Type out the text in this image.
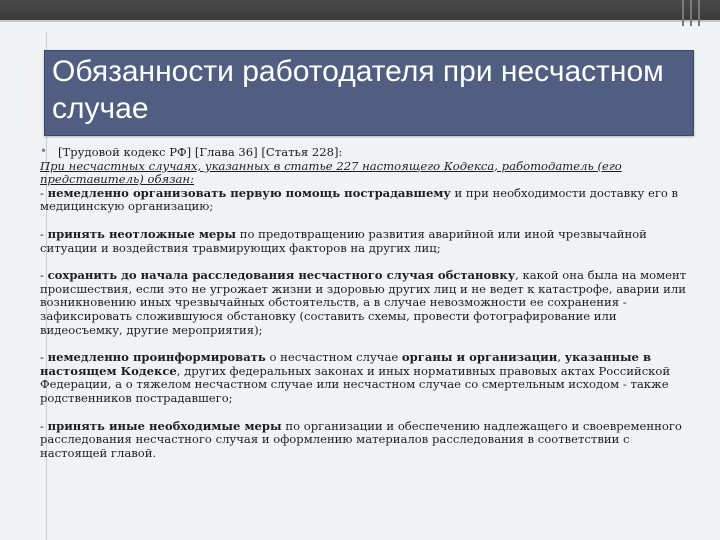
Обязанности работодателя при несчастном случае
• [Трудовой кодекс РФ] [Глава 36] [Статья 228]:
При несчастных случаях, указанных в статье 227 настоящего Кодекса, работодатель (его представитель) обязан:
- немедленно организовать первую помощь пострадавшему и при необходимости доставку его в медицинскую организацию;
- принять неотложные меры по предотвращению развития аварийной или иной чрезвычайной ситуации и воздействия травмирующих факторов на других лиц;
- сохранить до начала расследования несчастного случая обстановку, какой она была на момент происшествия, если это не угрожает жизни и здоровью других лиц и не ведет к катастрофе, аварии или возникновению иных чрезвычайных обстоятельств, а в случае невозможности ее сохранения - зафиксировать сложившуюся обстановку (составить схемы, провести фотографирование или видеосъемку, другие мероприятия);
- немедленно проинформировать о несчастном случае органы и организации, указанные в настоящем Кодексе, других федеральных законах и иных нормативных правовых актах Российской Федерации, а о тяжелом несчастном случае или несчастном случае со смертельным исходом - также родственников пострадавшего;
- принять иные необходимые меры по организации и обеспечению надлежащего и своевременного расследования несчастного случая и оформлению материалов расследования в соответствии с настоящей главой.
